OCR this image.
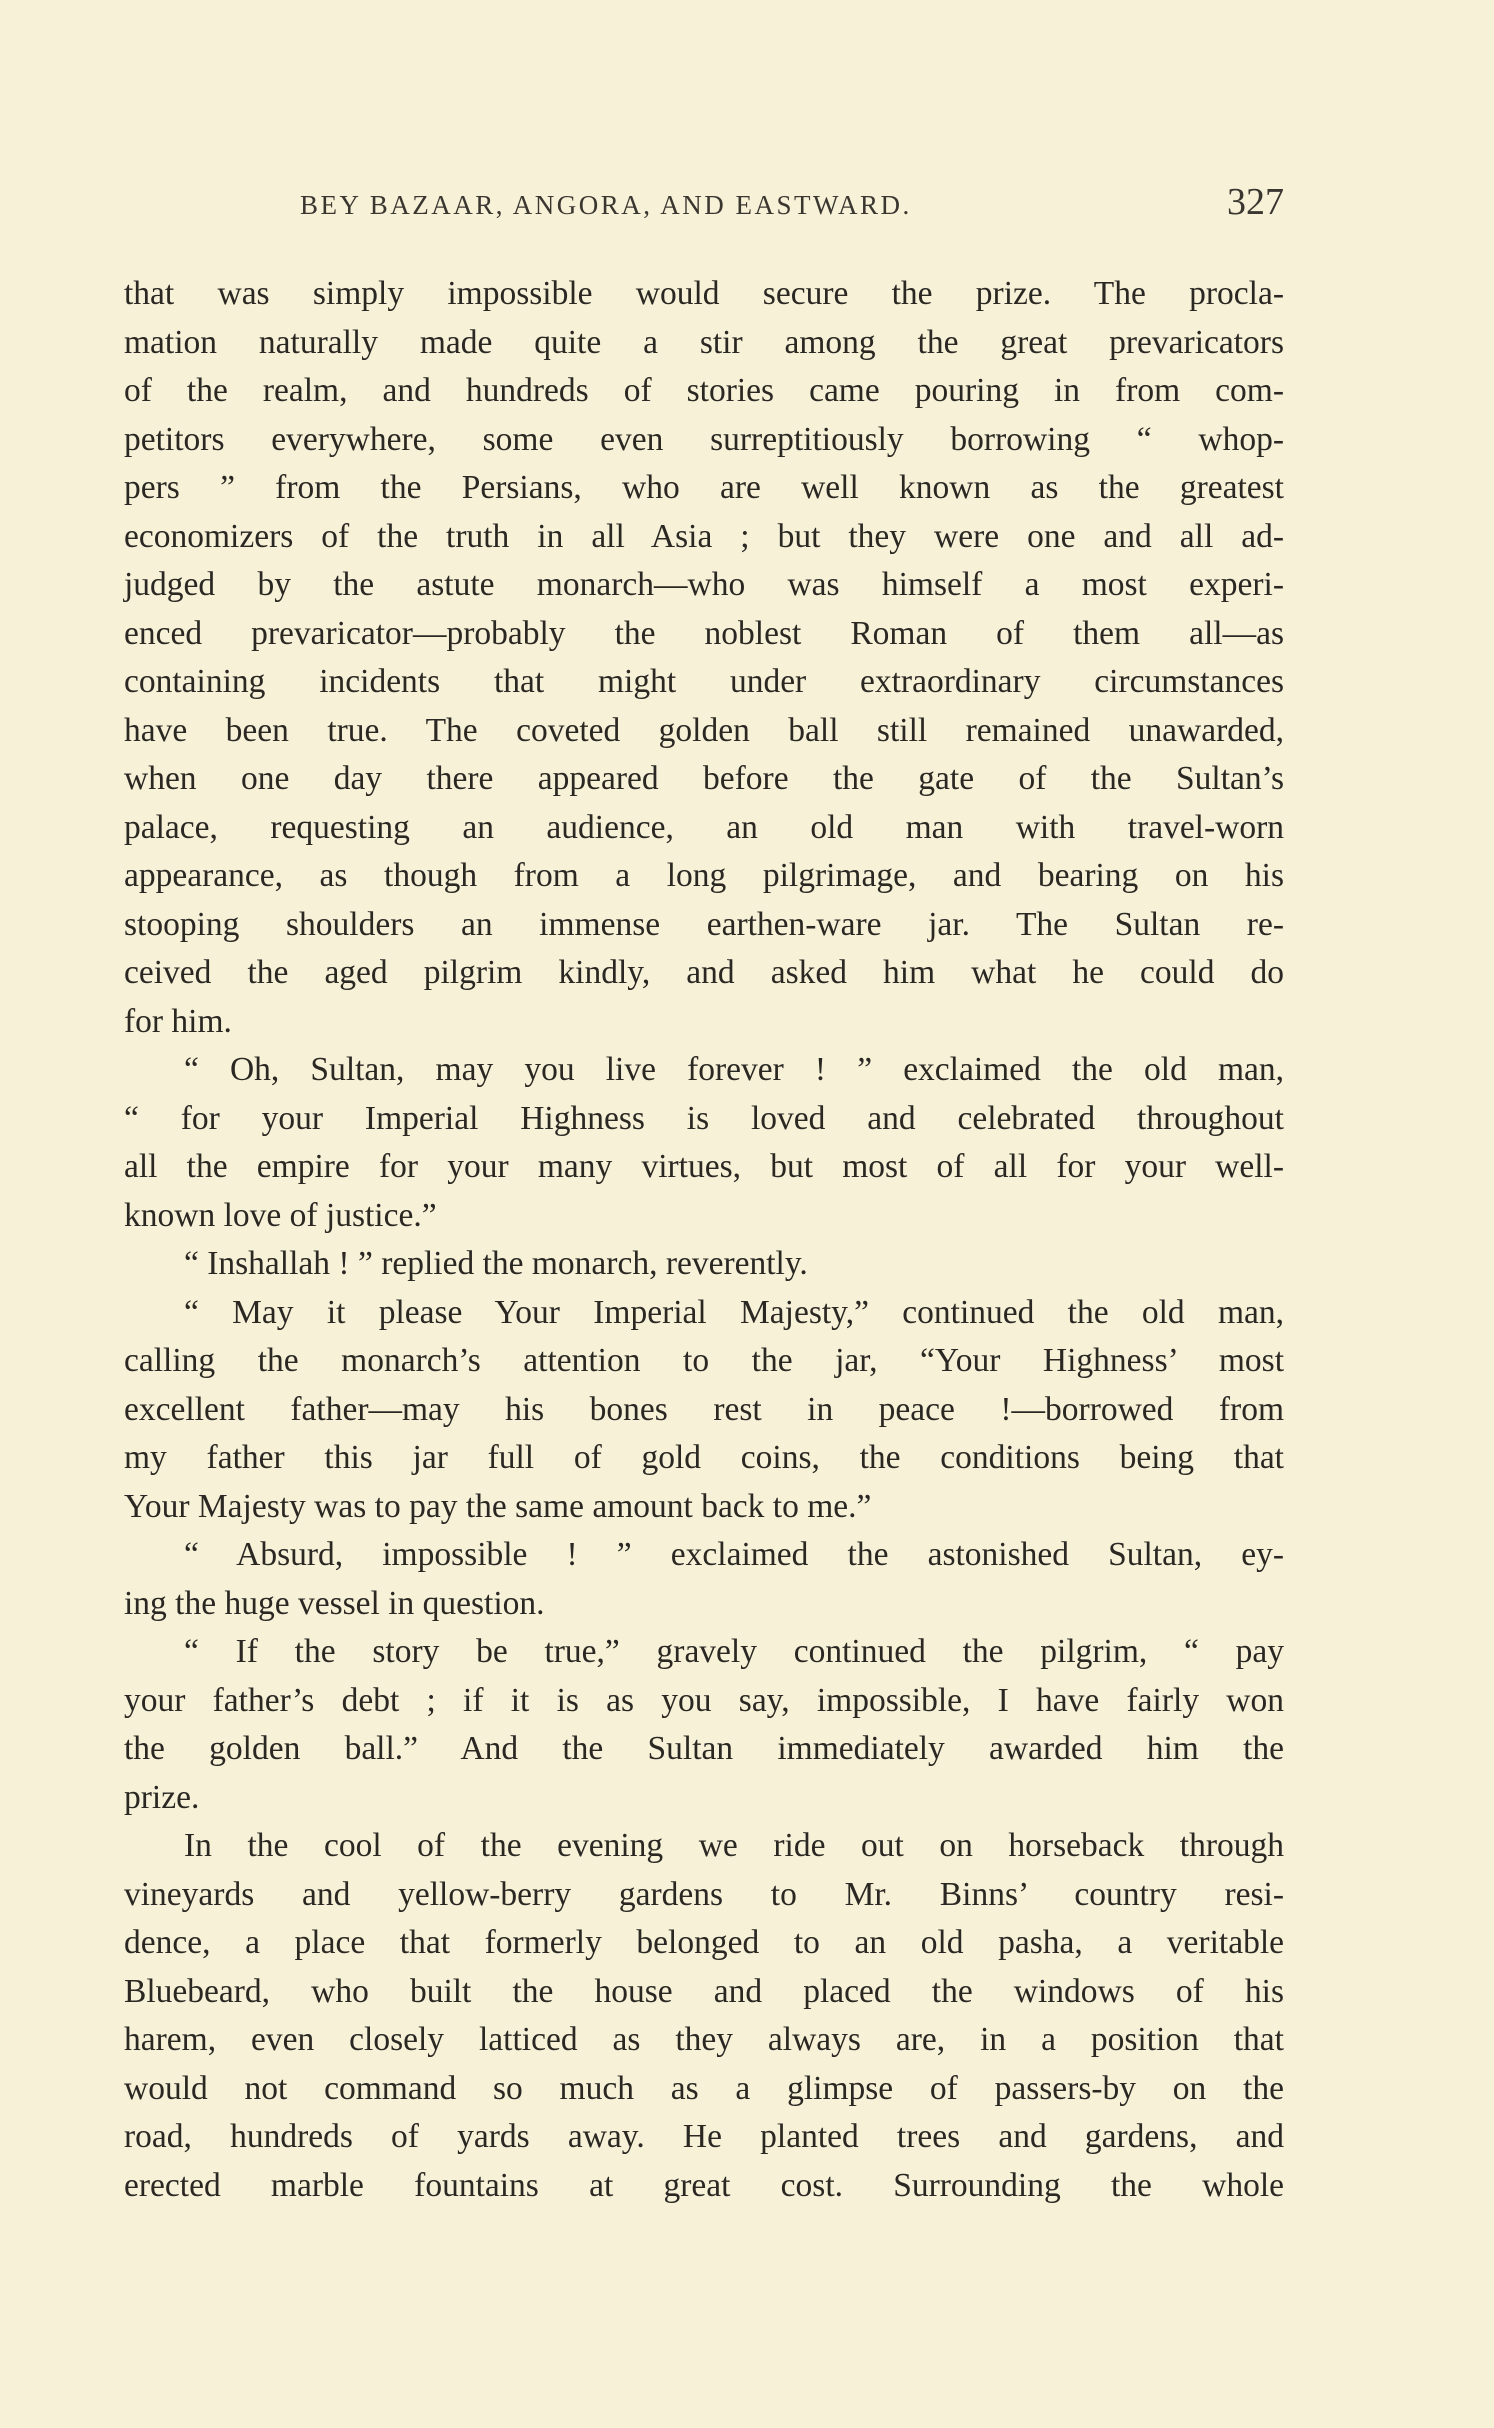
BEY BAZAAR, ANGORA, AND EASTWARD.	327
that was simply impossible would secure the prize. The procla-
mation naturally made quite a stir among the great prevaricators
of the realm, and hundreds of stories came pouring in from com-
petitors everywhere, some even surreptitiously borrowing “ whop-
pers ” from the Persians, who are well known as the greatest
economizers of the truth in all Asia ; but they were one and all ad-
judged by the astute monarch—who was himself a most experi-
enced prevaricator—probably the noblest Roman of them all—as
containing incidents that might under extraordinary circumstances
have been true. The coveted golden ball still remained unawarded,
when one day there appeared before the gate of the Sultan’s
palace, requesting an audience, an old man with travel-worn
appearance, as though from a long pilgrimage, and bearing on his
stooping shoulders an immense earthen-ware jar. The Sultan re-
ceived the aged pilgrim kindly, and asked him what he could do
for him.
“ Oh, Sultan, may you live forever ! ” exclaimed the old man,
“ for your Imperial Highness is loved and celebrated throughout
all the empire for your many virtues, but most of all for your well-
known love of justice.”
“ Inshallah ! ” replied the monarch, reverently.
“ May it please Your Imperial Majesty,” continued the old man,
calling the monarch’s attention to the jar, “Your Highness’ most
excellent father—may his bones rest in peace !—borrowed from
my father this jar full of gold coins, the conditions being that
Your Majesty was to pay the same amount back to me.”
“ Absurd, impossible ! ” exclaimed the astonished Sultan, ey-
ing the huge vessel in question.
“ If the story be true,” gravely continued the pilgrim, “ pay
your father’s debt ; if it is as you say, impossible, I have fairly won
the golden ball.” And the Sultan immediately awarded him the
prize.
In the cool of the evening we ride out on horseback through
vineyards and yellow-berry gardens to Mr. Binns’ country resi-
dence, a place that formerly belonged to an old pasha, a veritable
Bluebeard, who built the house and placed the windows of his
harem, even closely latticed as they always are, in a position that
would not command so much as a glimpse of passers-by on the
road, hundreds of yards away. He planted trees and gardens, and
erected marble fountains at great cost. Surrounding the whole
